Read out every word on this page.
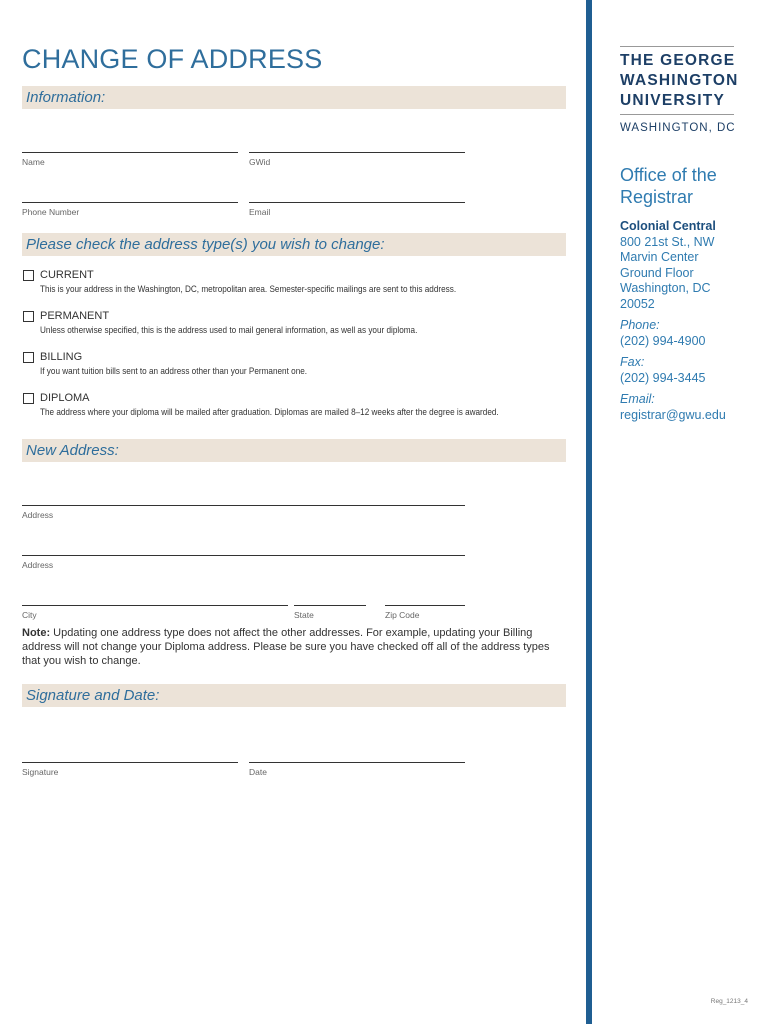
CHANGE OF ADDRESS
Information:
Name	GWid
Phone Number	Email
Please check the address type(s) you wish to change:
CURRENT
This is your address in the Washington, DC, metropolitan area. Semester-specific mailings are sent to this address.
PERMANENT
Unless otherwise specified, this is the address used to mail general information, as well as your diploma.
BILLING
If you want tuition bills sent to an address other than your Permanent one.
DIPLOMA
The address where your diploma will be mailed after graduation. Diplomas are mailed 8–12 weeks after the degree is awarded.
New Address:
Address
Address
City	State	Zip Code
Note: Updating one address type does not affect the other addresses. For example, updating your Billing address will not change your Diploma address. Please be sure you have checked off all of the address types that you wish to change.
Signature and Date:
Signature	Date
THE GEORGE
WASHINGTON
UNIVERSITY
WASHINGTON, DC
Office of the Registrar
Colonial Central
800 21st St., NW
Marvin Center
Ground Floor
Washington, DC
20052
Phone:
(202) 994-4900
Fax:
(202) 994-3445
Email:
registrar@gwu.edu
Reg_1213_4
